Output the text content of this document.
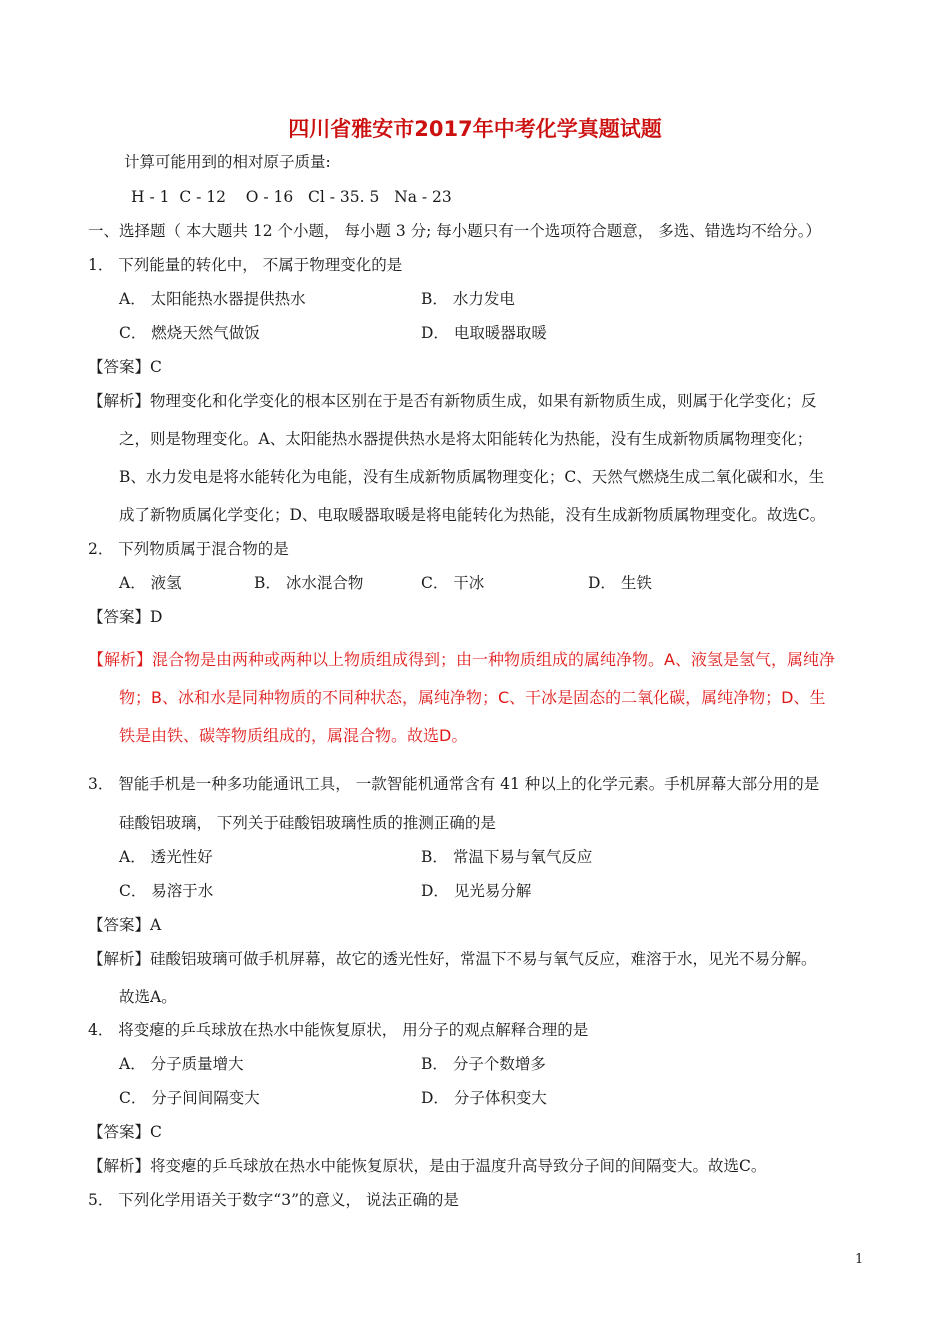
四川省雅安市2017年中考化学真题试题
计算可能用到的相对原子质量:
H - 1  C - 12    O - 16   Cl - 35. 5   Na - 23
一、选择题（ 本大题共 12 个小题， 每小题 3 分; 每小题只有一个选项符合题意， 多选、错选均不给分。）
1． 下列能量的转化中， 不属于物理变化的是
A． 太阳能热水器提供热水	B． 水力发电
C． 燃烧天然气做饭	D． 电取暖器取暖
【答案】C
【解析】物理变化和化学变化的根本区别在于是否有新物质生成，如果有新物质生成，则属于化学变化；反
之，则是物理变化。A、太阳能热水器提供热水是将太阳能转化为热能，没有生成新物质属物理变化；
B、水力发电是将水能转化为电能，没有生成新物质属物理变化；C、天然气燃烧生成二氧化碳和水，生
成了新物质属化学变化；D、电取暖器取暖是将电能转化为热能，没有生成新物质属物理变化。故选C。
2． 下列物质属于混合物的是
A． 液氢	B． 冰水混合物	C． 干冰	D． 生铁
【答案】D
【解析】混合物是由两种或两种以上物质组成得到；由一种物质组成的属纯净物。A、液氢是氢气，属纯净
物；B、冰和水是同种物质的不同种状态，属纯净物；C、干冰是固态的二氧化碳，属纯净物；D、生
铁是由铁、碳等物质组成的，属混合物。故选D。
3． 智能手机是一种多功能通讯工具， 一款智能机通常含有 41 种以上的化学元素。手机屏幕大部分用的是
硅酸铝玻璃， 下列关于硅酸铝玻璃性质的推测正确的是
A． 透光性好	B． 常温下易与氧气反应
C． 易溶于水	D． 见光易分解
【答案】A
【解析】硅酸铝玻璃可做手机屏幕，故它的透光性好，常温下不易与氧气反应，难溶于水，见光不易分解。
故选A。
4． 将变瘪的乒乓球放在热水中能恢复原状， 用分子的观点解释合理的是
A． 分子质量增大	B． 分子个数增多
C． 分子间间隔变大	D． 分子体积变大
【答案】C
【解析】将变瘪的乒乓球放在热水中能恢复原状，是由于温度升高导致分子间的间隔变大。故选C。
5． 下列化学用语关于数字“3”的意义， 说法正确的是
1
